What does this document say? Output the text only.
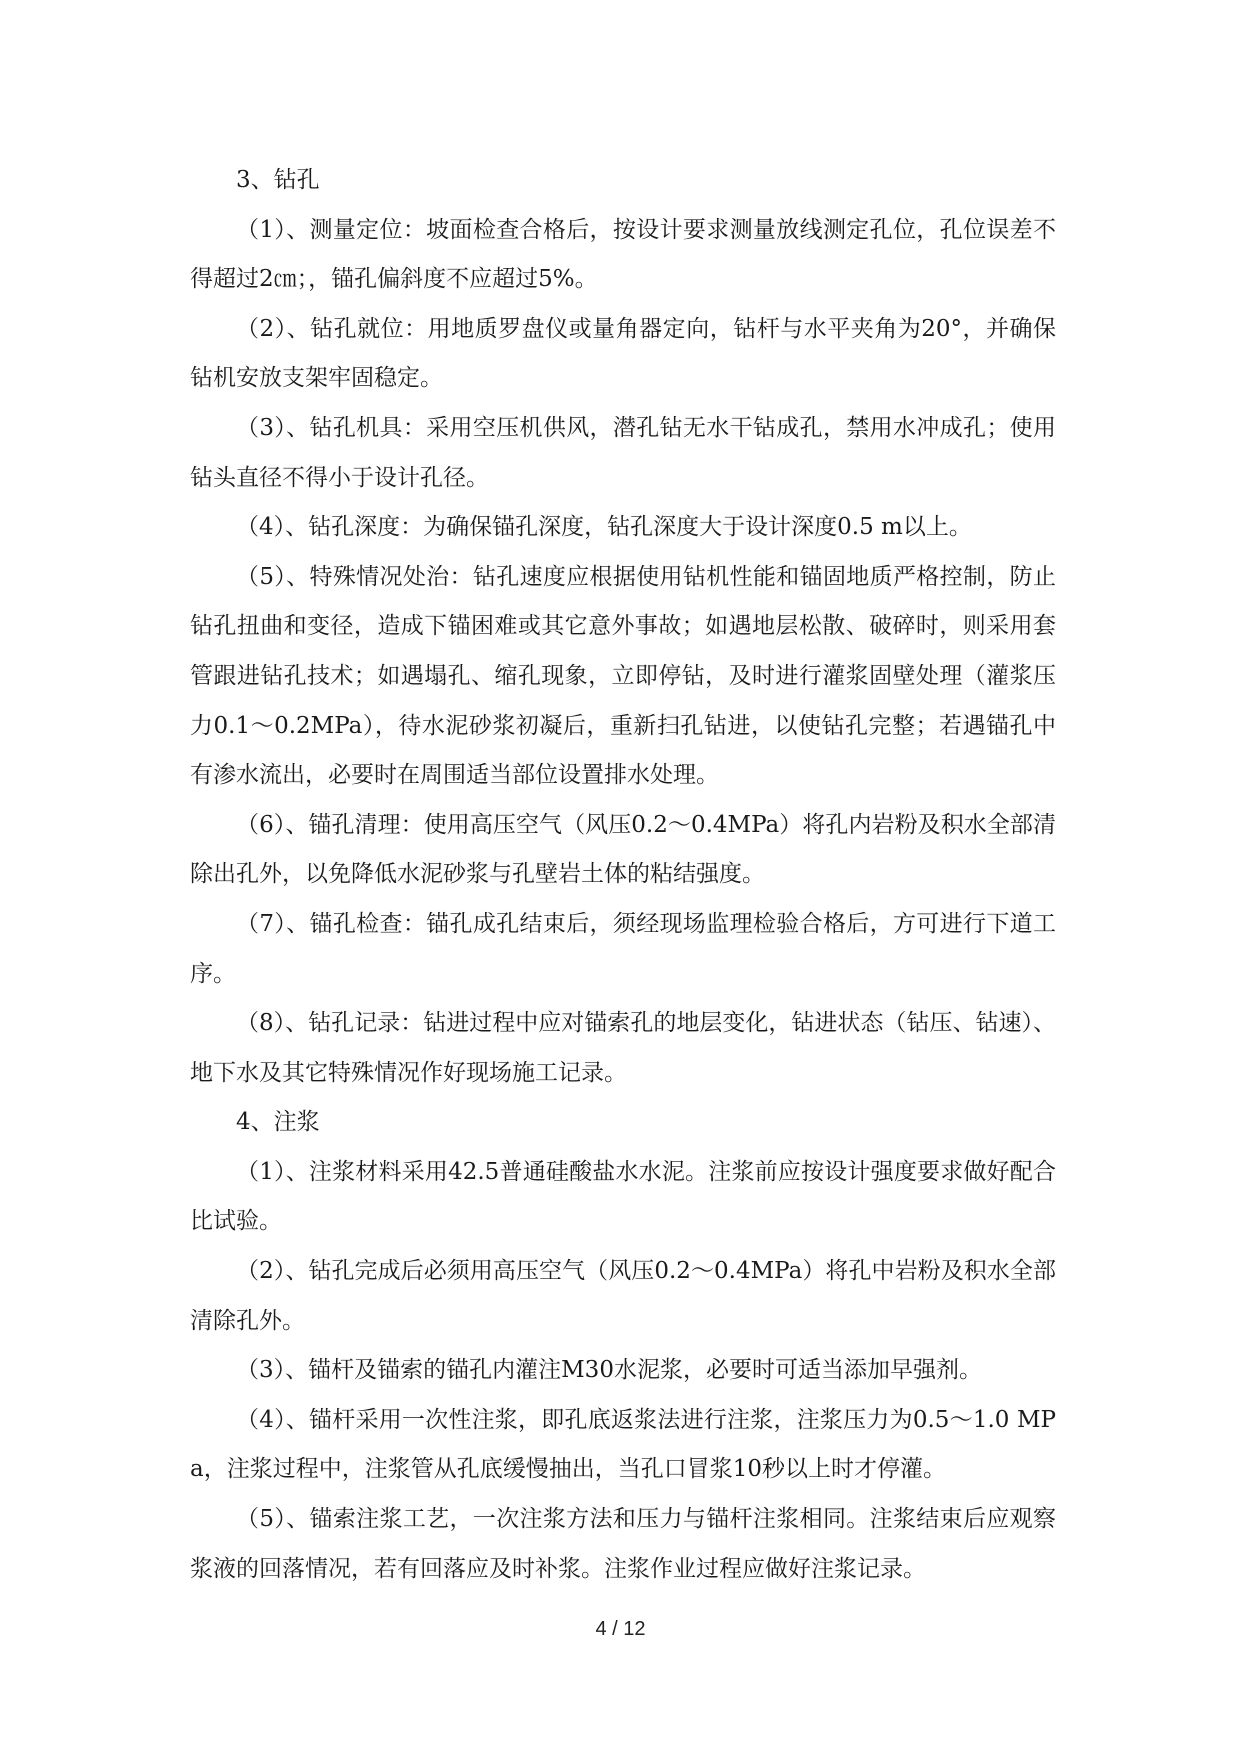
3、钻孔

（1）、测量定位：坡面检查合格后，按设计要求测量放线测定孔位，孔位误差不得超过2㎝；，锚孔偏斜度不应超过5%。

（2）、钻孔就位：用地质罗盘仪或量角器定向，钻杆与水平夹角为20°，并确保钻机安放支架牢固稳定。

（3）、钻孔机具：采用空压机供风，潜孔钻无水干钻成孔，禁用水冲成孔；使用钻头直径不得小于设计孔径。

（4）、钻孔深度：为确保锚孔深度，钻孔深度大于设计深度0.5 m以上。

（5）、特殊情况处治：钻孔速度应根据使用钻机性能和锚固地质严格控制，防止钻孔扭曲和变径，造成下锚困难或其它意外事故；如遇地层松散、破碎时，则采用套管跟进钻孔技术；如遇塌孔、缩孔现象，立即停钻，及时进行灌浆固壁处理（灌浆压力0.1～0.2MPa），待水泥砂浆初凝后，重新扫孔钻进，以使钻孔完整；若遇锚孔中有渗水流出，必要时在周围适当部位设置排水处理。

（6）、锚孔清理：使用高压空气（风压0.2～0.4MPa）将孔内岩粉及积水全部清除出孔外，以免降低水泥砂浆与孔壁岩土体的粘结强度。

（7）、锚孔检查：锚孔成孔结束后，须经现场监理检验合格后，方可进行下道工序。

（8）、钻孔记录：钻进过程中应对锚索孔的地层变化，钻进状态（钻压、钻速）、地下水及其它特殊情况作好现场施工记录。

4、注浆

（1）、注浆材料采用42.5普通硅酸盐水水泥。注浆前应按设计强度要求做好配合比试验。

（2）、钻孔完成后必须用高压空气（风压0.2～0.4MPa）将孔中岩粉及积水全部清除孔外。

（3）、锚杆及锚索的锚孔内灌注M30水泥浆，必要时可适当添加早强剂。

（4）、锚杆采用一次性注浆，即孔底返浆法进行注浆，注浆压力为0.5～1.0 MPa，注浆过程中，注浆管从孔底缓慢抽出，当孔口冒浆10秒以上时才停灌。

（5）、锚索注浆工艺，一次注浆方法和压力与锚杆注浆相同。注浆结束后应观察浆液的回落情况，若有回落应及时补浆。注浆作业过程应做好注浆记录。

4 / 12
